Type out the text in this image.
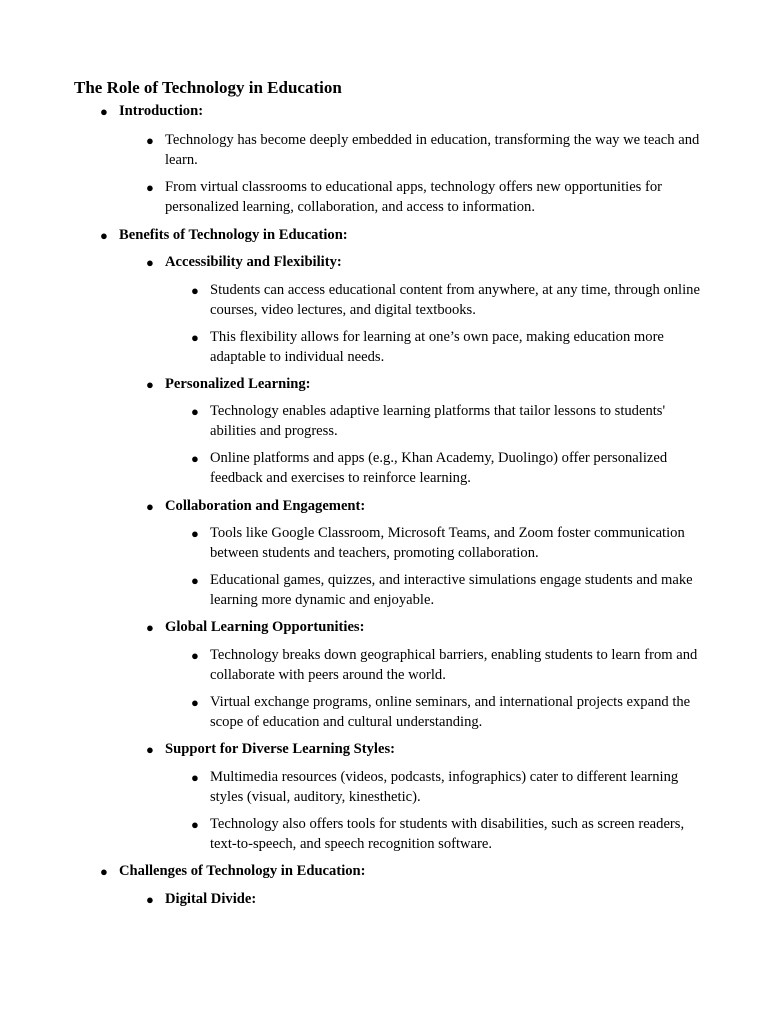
The Role of Technology in Education
● Introduction:
● Technology has become deeply embedded in education, transforming the way we teach and learn.
● From virtual classrooms to educational apps, technology offers new opportunities for personalized learning, collaboration, and access to information.
● Benefits of Technology in Education:
● Accessibility and Flexibility:
● Students can access educational content from anywhere, at any time, through online courses, video lectures, and digital textbooks.
● This flexibility allows for learning at one’s own pace, making education more adaptable to individual needs.
● Personalized Learning:
● Technology enables adaptive learning platforms that tailor lessons to students' abilities and progress.
● Online platforms and apps (e.g., Khan Academy, Duolingo) offer personalized feedback and exercises to reinforce learning.
● Collaboration and Engagement:
● Tools like Google Classroom, Microsoft Teams, and Zoom foster communication between students and teachers, promoting collaboration.
● Educational games, quizzes, and interactive simulations engage students and make learning more dynamic and enjoyable.
● Global Learning Opportunities:
● Technology breaks down geographical barriers, enabling students to learn from and collaborate with peers around the world.
● Virtual exchange programs, online seminars, and international projects expand the scope of education and cultural understanding.
● Support for Diverse Learning Styles:
● Multimedia resources (videos, podcasts, infographics) cater to different learning styles (visual, auditory, kinesthetic).
● Technology also offers tools for students with disabilities, such as screen readers, text-to-speech, and speech recognition software.
● Challenges of Technology in Education:
● Digital Divide:
